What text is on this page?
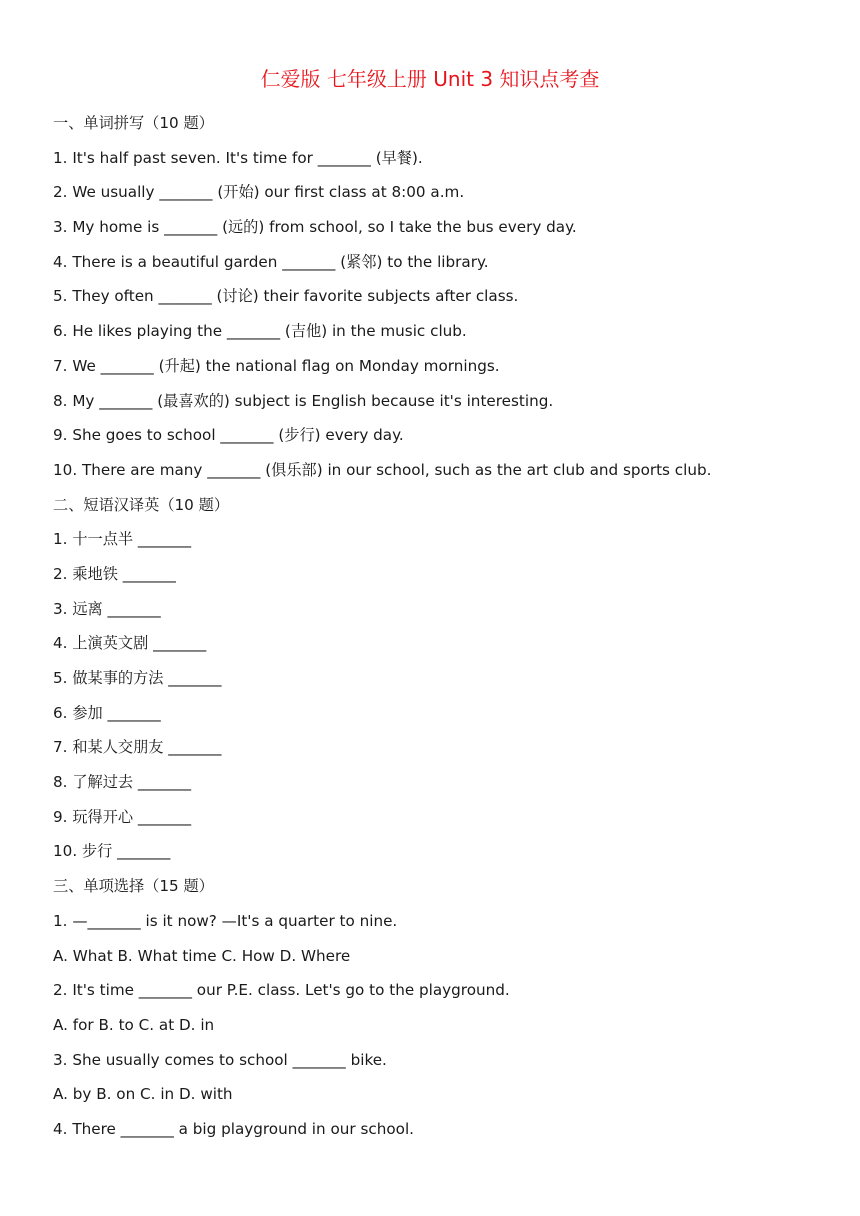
仁爱版 七年级上册 Unit 3 知识点考查
一、单词拼写（10 题）
1. It's half past seven. It's time for _______ (早餐).
2. We usually _______ (开始) our first class at 8:00 a.m.
3. My home is _______ (远的) from school, so I take the bus every day.
4. There is a beautiful garden _______ (紧邻) to the library.
5. They often _______ (讨论) their favorite subjects after class.
6. He likes playing the _______ (吉他) in the music club.
7. We _______ (升起) the national flag on Monday mornings.
8. My _______ (最喜欢的) subject is English because it's interesting.
9. She goes to school _______ (步行) every day.
10. There are many _______ (俱乐部) in our school, such as the art club and sports club.
二、短语汉译英（10 题）
1. 十一点半 _______
2. 乘地铁 _______
3. 远离 _______
4. 上演英文剧 _______
5. 做某事的方法 _______
6. 参加 _______
7. 和某人交朋友 _______
8. 了解过去 _______
9. 玩得开心 _______
10. 步行 _______
三、单项选择（15 题）
1. —_______ is it now? —It's a quarter to nine.
A. What B. What time C. How D. Where
2. It's time _______ our P.E. class. Let's go to the playground.
A. for B. to C. at D. in
3. She usually comes to school _______ bike.
A. by B. on C. in D. with
4. There _______ a big playground in our school.
